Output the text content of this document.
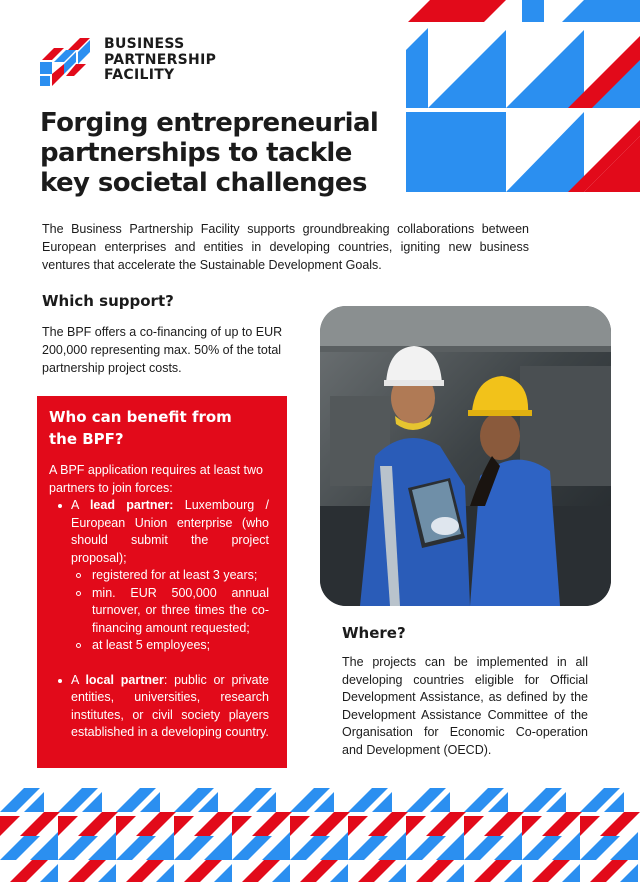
BUSINESS
PARTNERSHIP
FACILITY
Forging entrepreneurial
partnerships to tackle
key societal challenges

The Business Partnership Facility supports groundbreaking collaborations between European enterprises and entities in developing countries, igniting new business ventures that accelerate the Sustainable Development Goals.

Which support?

The BPF offers a co-financing of up to EUR 200,000 representing max. 50% of the total partnership project costs.

Who can benefit from the BPF?

A BPF application requires at least two partners to join forces:

A lead partner: Luxembourg / European Union enterprise (who should submit the project proposal);
registered for at least 3 years;
min. EUR 500,000 annual turnover, or three times the co-financing amount requested;
at least 5 employees;
A local partner: public or private entities, universities, research institutes, or civil society players established in a developing country.
Where?

The projects can be implemented in all developing countries eligible for Official Development Assistance, as defined by the Development Assistance Committee of the Organisation for Economic Co-operation and Development (OECD).
